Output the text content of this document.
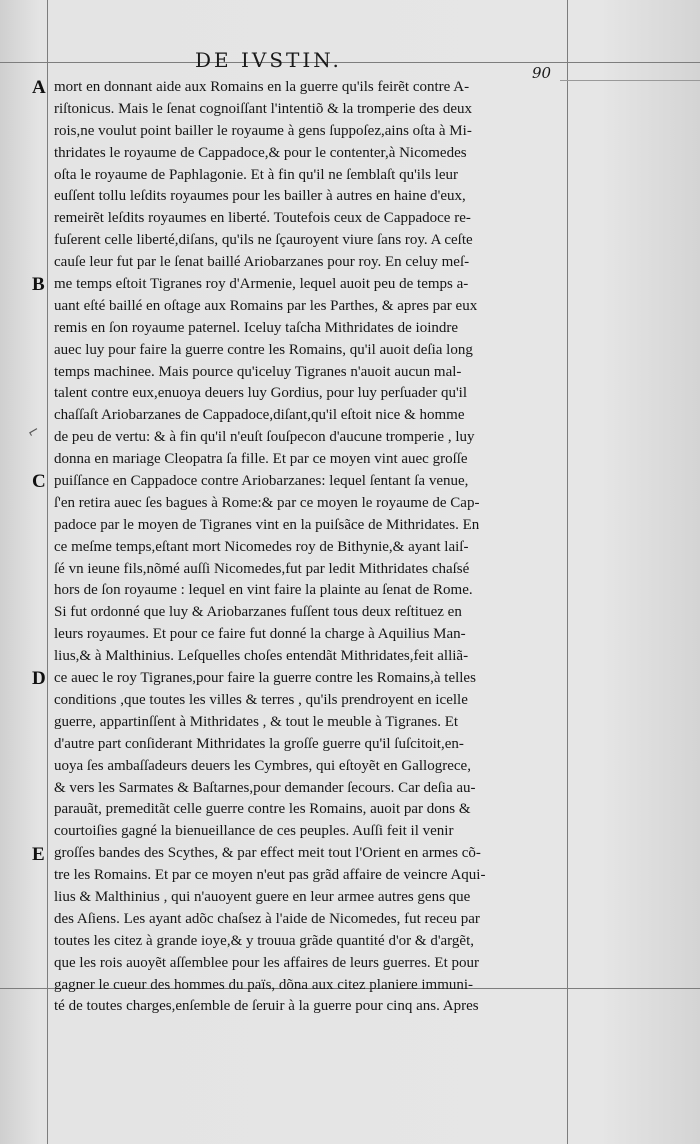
DE IVSTIN.
90
A
B
C
D
E
⌐
mort en donnant aide aux Romains en la guerre qu'ils feirẽt contre A-
riſtonicus. Mais le ſenat cognoiſſant l'intentiõ & la tromperie des deux
rois,ne voulut point bailler le royaume à gens ſuppoſez,ains oſta à Mi-
thridates le royaume de Cappadoce,& pour le contenter,à Nicomedes
oſta le royaume de Paphlagonie. Et à fin qu'il ne ſemblaſt qu'ils leur
euſſent tollu leſdits royaumes pour les bailler à autres en haine d'eux,
remeirẽt leſdits royaumes en liberté. Toutefois ceux de Cappadoce re-
fuſerent celle liberté,diſans, qu'ils ne ſçauroyent viure ſans roy. A ceſte
cauſe leur fut par le ſenat baillé Ariobarzanes pour roy. En celuy meſ-
me temps eſtoit Tigranes roy d'Armenie, lequel auoit peu de temps a-
uant eſté baillé en oſtage aux Romains par les Parthes, & apres par eux
remis en ſon royaume paternel. Iceluy taſcha Mithridates de ioindre
auec luy pour faire la guerre contre les Romains, qu'il auoit deſia long
temps machinee. Mais pource qu'iceluy Tigranes n'auoit aucun mal-
talent contre eux,enuoya deuers luy Gordius, pour luy perſuader qu'il
chaſſaſt Ariobarzanes de Cappadoce,diſant,qu'il eſtoit nice & homme
de peu de vertu: & à fin qu'il n'euſt ſouſpecon d'aucune tromperie , luy
donna en mariage Cleopatra ſa fille. Et par ce moyen vint auec groſſe
puiſſance en Cappadoce contre Ariobarzanes: lequel ſentant ſa venue,
ſ'en retira auec ſes bagues à Rome:& par ce moyen le royaume de Cap-
padoce par le moyen de Tigranes vint en la puiſsãce de Mithridates. En
ce meſme temps,eſtant mort Nicomedes roy de Bithynie,& ayant laiſ-
ſé vn ieune fils,nõmé auſſi Nicomedes,fut par ledit Mithridates chaſsé
hors de ſon royaume : lequel en vint faire la plainte au ſenat de Rome.
Si fut ordonné que luy & Ariobarzanes fuſſent tous deux reſtituez en
leurs royaumes. Et pour ce faire fut donné la charge à Aquilius Man-
lius,& à Malthinius. Leſquelles choſes entendãt Mithridates,feit alliã-
ce auec le roy Tigranes,pour faire la guerre contre les Romains,à telles
conditions ,que toutes les villes & terres , qu'ils prendroyent en icelle
guerre, appartinſſent à Mithridates , & tout le meuble à Tigranes. Et
d'autre part conſiderant Mithridates la groſſe guerre qu'il ſuſcitoit,en-
uoya ſes ambaſſadeurs deuers les Cymbres, qui eſtoyẽt en Gallogrece,
& vers les Sarmates & Baſtarnes,pour demander ſecours. Car deſia au-
parauãt, premeditãt celle guerre contre les Romains, auoit par dons &
courtoiſies gagné la bienueillance de ces peuples. Auſſi feit il venir
groſſes bandes des Scythes, & par effect meit tout l'Orient en armes cõ-
tre les Romains. Et par ce moyen n'eut pas grãd affaire de veincre Aqui-
lius & Malthinius , qui n'auoyent guere en leur armee autres gens que
des Aſiens. Les ayant adõc chaſsez à l'aide de Nicomedes, fut receu par
toutes les citez à grande ioye,& y trouua grãde quantité d'or & d'argẽt,
que les rois auoyẽt aſſemblee pour les affaires de leurs guerres. Et pour
gagner le cueur des hommes du païs, dõna aux citez planiere immuni-
té de toutes charges,enſemble de ſeruir à la guerre pour cinq ans. Apres
